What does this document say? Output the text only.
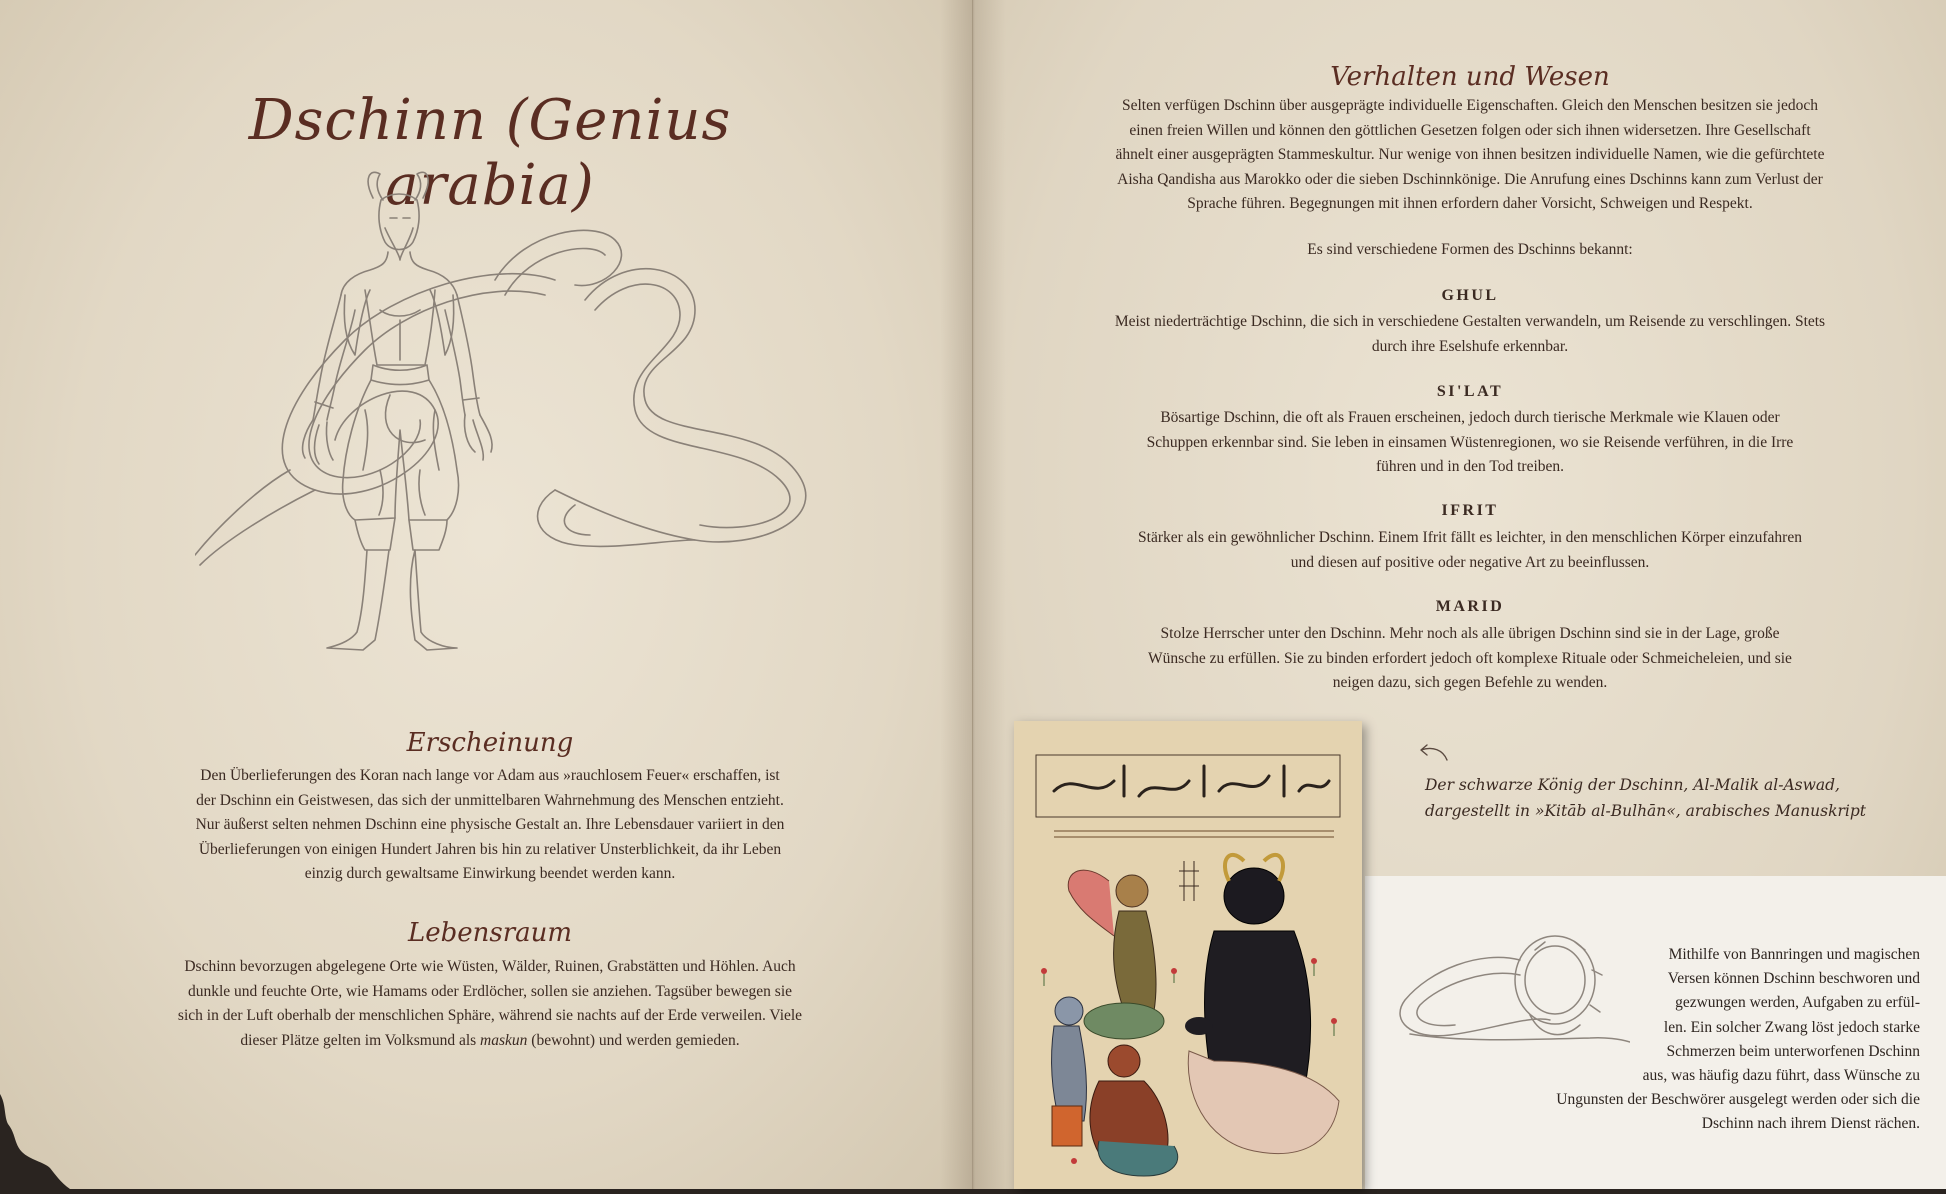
Dschinn (Genius arabia)
Erscheinung

Den Überlieferungen des Koran nach lange vor Adam aus »rauchlosem Feuer« erschaffen, ist

der Dschinn ein Geistwesen, das sich der unmittelbaren Wahrnehmung des Menschen entzieht.

Nur äußerst selten nehmen Dschinn eine physische Gestalt an. Ihre Lebensdauer variiert in den

Überlieferungen von einigen Hundert Jahren bis hin zu relativer Unsterblichkeit, da ihr Leben

einzig durch gewaltsame Einwirkung beendet werden kann.

Lebensraum

Dschinn bevorzugen abgelegene Orte wie Wüsten, Wälder, Ruinen, Grabstätten und Höhlen. Auch

dunkle und feuchte Orte, wie Hamams oder Erdlöcher, sollen sie anziehen. Tagsüber bewegen sie

sich in der Luft oberhalb der menschlichen Sphäre, während sie nachts auf der Erde verweilen. Viele

dieser Plätze gelten im Volksmund als maskun (bewohnt) und werden gemieden.

Verhalten und Wesen

Selten verfügen Dschinn über ausgeprägte individuelle Eigenschaften. Gleich den Menschen besitzen sie jedoch

einen freien Willen und können den göttlichen Gesetzen folgen oder sich ihnen widersetzen. Ihre Gesellschaft

ähnelt einer ausgeprägten Stammeskultur. Nur wenige von ihnen besitzen individuelle Namen, wie die gefürchtete

Aisha Qandisha aus Marokko oder die sieben Dschinnkönige. Die Anrufung eines Dschinns kann zum Verlust der

Sprache führen. Begegnungen mit ihnen erfordern daher Vorsicht, Schweigen und Respekt.

Es sind verschiedene Formen des Dschinns bekannt:
GHUL

Meist niederträchtige Dschinn, die sich in verschiedene Gestalten verwandeln, um Reisende zu verschlingen. Stets

durch ihre Eselshufe erkennbar.

SI'LAT

Bösartige Dschinn, die oft als Frauen erscheinen, jedoch durch tierische Merkmale wie Klauen oder

Schuppen erkennbar sind. Sie leben in einsamen Wüstenregionen, wo sie Reisende verführen, in die Irre

führen und in den Tod treiben.

IFRIT

Stärker als ein gewöhnlicher Dschinn. Einem Ifrit fällt es leichter, in den menschlichen Körper einzufahren

und diesen auf positive oder negative Art zu beeinflussen.

MARID

Stolze Herrscher unter den Dschinn. Mehr noch als alle übrigen Dschinn sind sie in der Lage, große

Wünsche zu erfüllen. Sie zu binden erfordert jedoch oft komplexe Rituale oder Schmeicheleien, und sie

neigen dazu, sich gegen Befehle zu wenden.

Mithilfe von Bannringen und magischen
Versen können Dschinn beschworen und
gezwungen werden, Aufgaben zu erfül-
len. Ein solcher Zwang löst jedoch starke
Schmerzen beim unterworfenen Dschinn
aus, was häufig dazu führt, dass Wünsche zu
Ungunsten der Beschwörer ausgelegt werden oder sich die
Dschinn nach ihrem Dienst rächen.
Der schwarze König der Dschinn, Al-Malik al-Aswad,
dargestellt in »Kitāb al-Bulhān«, arabisches Manuskript
